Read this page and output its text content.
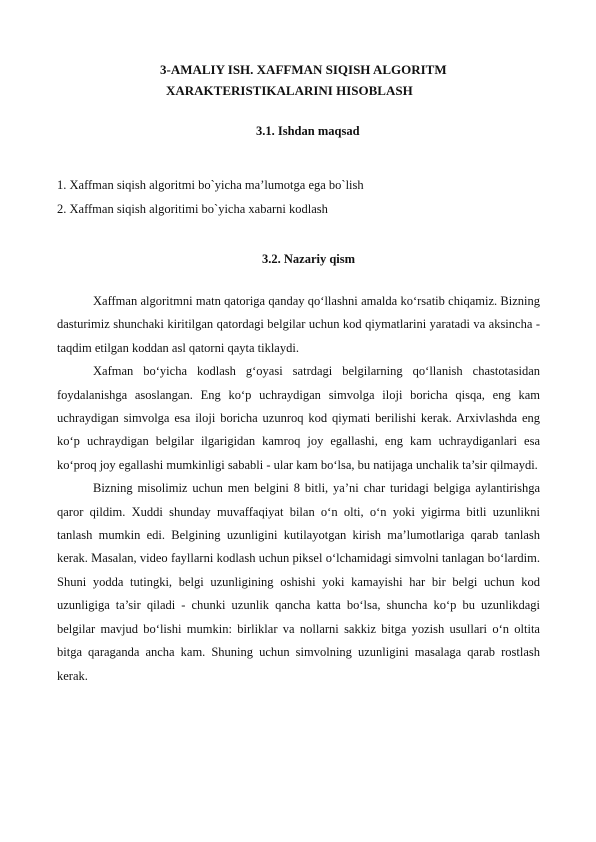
3-AMALIY ISH. XAFFMAN SIQISH ALGORITM
XARAKTERISTIKALARINI HISOBLASH
3.1. Ishdan maqsad
1. Xaffman siqish algoritmi bo`yicha ma’lumotga ega bo`lish
2. Xaffman siqish algoritimi bo`yicha xabarni kodlash
3.2. Nazariy qism

Xaffman algoritmni matn qatoriga qanday qo‘llashni amalda ko‘rsatib chiqamiz. Bizning dasturimiz shunchaki kiritilgan qatordagi belgilar uchun kod qiymatlarini yaratadi va aksincha - taqdim etilgan koddan asl qatorni qayta tiklaydi.

Xafman bo‘yicha kodlash g‘oyasi satrdagi belgilarning qo‘llanish chastotasidan foydalanishga asoslangan. Eng ko‘p uchraydigan simvolga iloji boricha qisqa, eng kam uchraydigan simvolga esa iloji boricha uzunroq kod qiymati berilishi kerak. Arxivlashda eng ko‘p uchraydigan belgilar ilgarigidan kamroq joy egallashi, eng kam uchraydiganlari esa ko‘proq joy egallashi mumkinligi sababli - ular kam bo‘lsa, bu natijaga unchalik ta’sir qilmaydi.

Bizning misolimiz uchun men belgini 8 bitli, ya’ni char turidagi belgiga aylantirishga qaror qildim. Xuddi shunday muvaffaqiyat bilan o‘n olti, o‘n yoki yigirma bitli uzunlikni tanlash mumkin edi. Belgining uzunligini kutilayotgan kirish ma’lumotlariga qarab tanlash kerak. Masalan, video fayllarni kodlash uchun piksel o‘lchamidagi simvolni tanlagan bo‘lardim. Shuni yodda tutingki, belgi uzunligining oshishi yoki kamayishi har bir belgi uchun kod uzunligiga ta’sir qiladi - chunki uzunlik qancha katta bo‘lsa, shuncha ko‘p bu uzunlikdagi belgilar mavjud bo‘lishi mumkin: birliklar va nollarni sakkiz bitga yozish usullari o‘n oltita bitga qaraganda ancha kam. Shuning uchun simvolning uzunligini masalaga qarab rostlash kerak.
